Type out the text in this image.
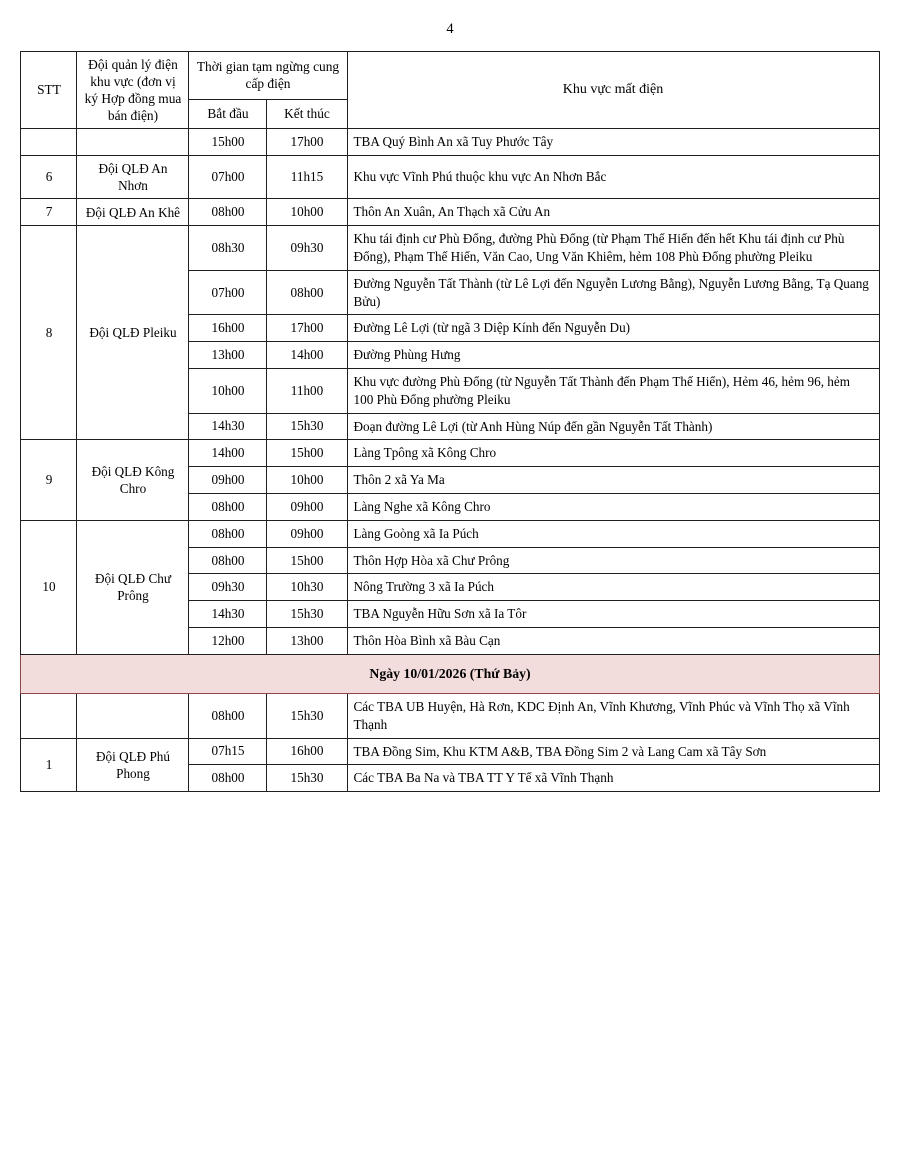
4
STT	Đội quản lý điện khu vực (đơn vị ký Hợp đồng mua bán điện)	Thời gian tạm ngừng cung cấp điện		Khu vực mất điện
		Bắt đầu	Kết thúc	
		15h00	17h00	TBA Quý Bình An xã Tuy Phước Tây
6	Đội QLĐ An Nhơn	07h00	11h15	Khu vực Vĩnh Phú thuộc khu vực An Nhơn Bắc
7	Đội QLĐ An Khê	08h00	10h00	Thôn An Xuân, An Thạch xã Cửu An
8	Đội QLĐ Pleiku	08h30	09h30	Khu tái định cư Phù Đổng, đường Phù Đổng (từ Phạm Thế Hiển đến hết Khu tái định cư Phù Đổng), Phạm Thế Hiển, Văn Cao, Ung Văn Khiêm, hẻm 108 Phù Đổng phường Pleiku
		07h00	08h00	Đường Nguyễn Tất Thành (từ Lê Lợi đến Nguyễn Lương Bằng), Nguyễn Lương Bằng, Tạ Quang Bửu)
		16h00	17h00	Đường Lê Lợi (từ ngã 3 Diệp Kính đến Nguyễn Du)
		13h00	14h00	Đường Phùng Hưng
		10h00	11h00	Khu vực đường Phù Đổng (từ Nguyễn Tất Thành đến Phạm Thế Hiển), Hẻm 46, hẻm 96, hẻm 100 Phù Đổng phường Pleiku
		14h30	15h30	Đoạn đường Lê Lợi (từ Anh Hùng Núp đến gần Nguyễn Tất Thành)
9	Đội QLĐ Kông Chro	14h00	15h00	Làng Tpông xã Kông Chro
		09h00	10h00	Thôn 2 xã Ya Ma
		08h00	09h00	Làng Nghe xã Kông Chro
10	Đội QLĐ Chư Prông	08h00	09h00	Làng Goòng xã Ia Púch
		08h00	15h00	Thôn Hợp Hòa xã Chư Prông
		09h30	10h30	Nông Trường 3 xã Ia Púch
		14h30	15h30	TBA Nguyễn Hữu Sơn xã Ia Tôr
		12h00	13h00	Thôn Hòa Bình xã Bàu Cạn
Ngày 10/01/2026 (Thứ Bảy)				
		08h00	15h30	Các TBA UB Huyện, Hà Rơn, KDC Định An, Vĩnh Khương, Vĩnh Phúc và Vĩnh Thọ xã Vĩnh Thạnh
1	Đội QLĐ Phú Phong	07h15	16h00	TBA Đồng Sim, Khu KTM A&B, TBA Đồng Sim 2 và Lang Cam xã Tây Sơn
		08h00	15h30	Các TBA Ba Na và TBA TT Y Tế xã Vĩnh Thạnh
